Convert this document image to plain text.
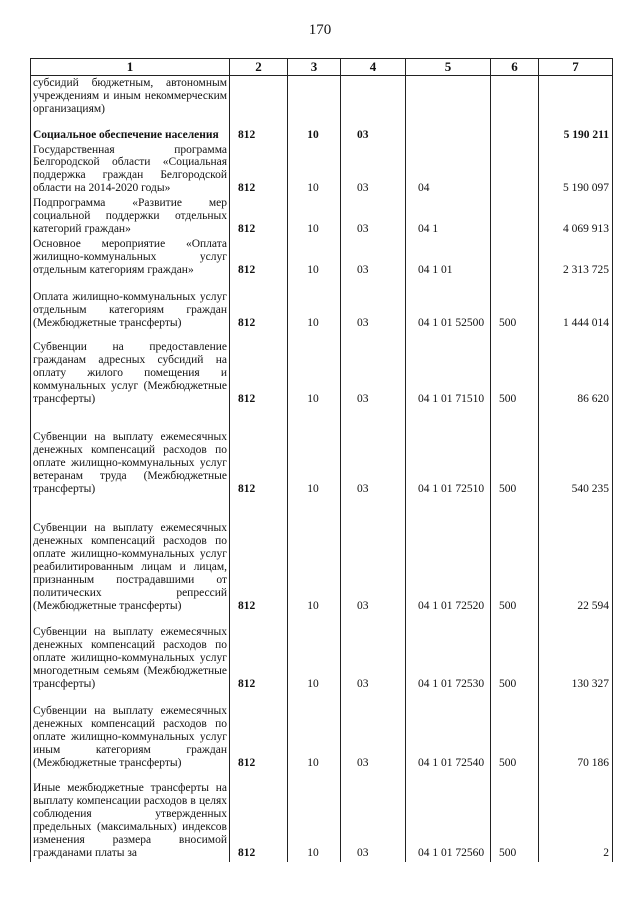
170
1	2	3	4	5	6	7
субсидий бюджетным, автономным учреждениям и иным некоммерческим организациям)						
Социальное обеспечение населения	812	10	03			5 190 211
Государственная программа Белгородской области «Социальная поддержка граждан Белгородской области на 2014-2020 годы»	812	10	03	04		5 190 097
Подпрограмма «Развитие мер социальной поддержки отдельных категорий граждан»	812	10	03	04 1		4 069 913
Основное мероприятие «Оплата жилищно-коммунальных услуг отдельным категориям граждан»	812	10	03	04 1 01		2 313 725
Оплата жилищно-коммунальных услуг отдельным категориям граждан (Межбюджетные трансферты)	812	10	03	04 1 01 52500	500	1 444 014
Субвенции на предоставление гражданам адресных субсидий на оплату жилого помещения и коммунальных услуг (Межбюджетные трансферты)	812	10	03	04 1 01 71510	500	86 620
Субвенции на выплату ежемесячных денежных компенсаций расходов по оплате жилищно-коммунальных услуг ветеранам труда (Межбюджетные трансферты)	812	10	03	04 1 01 72510	500	540 235
Субвенции на выплату ежемесячных денежных компенсаций расходов по оплате жилищно-коммунальных услуг реабилитированным лицам и лицам, признанным пострадавшими от политических репрессий (Межбюджетные трансферты)	812	10	03	04 1 01 72520	500	22 594
Субвенции на выплату ежемесячных денежных компенсаций расходов по оплате жилищно-коммунальных услуг многодетным семьям (Межбюджетные трансферты)	812	10	03	04 1 01 72530	500	130 327
Субвенции на выплату ежемесячных денежных компенсаций расходов по оплате жилищно-коммунальных услуг иным категориям граждан (Межбюджетные трансферты)	812	10	03	04 1 01 72540	500	70 186
Иные межбюджетные трансферты на выплату компенсации расходов в целях соблюдения утвержденных предельных (максимальных) индексов изменения размера вносимой гражданами платы за	812	10	03	04 1 01 72560	500	2
